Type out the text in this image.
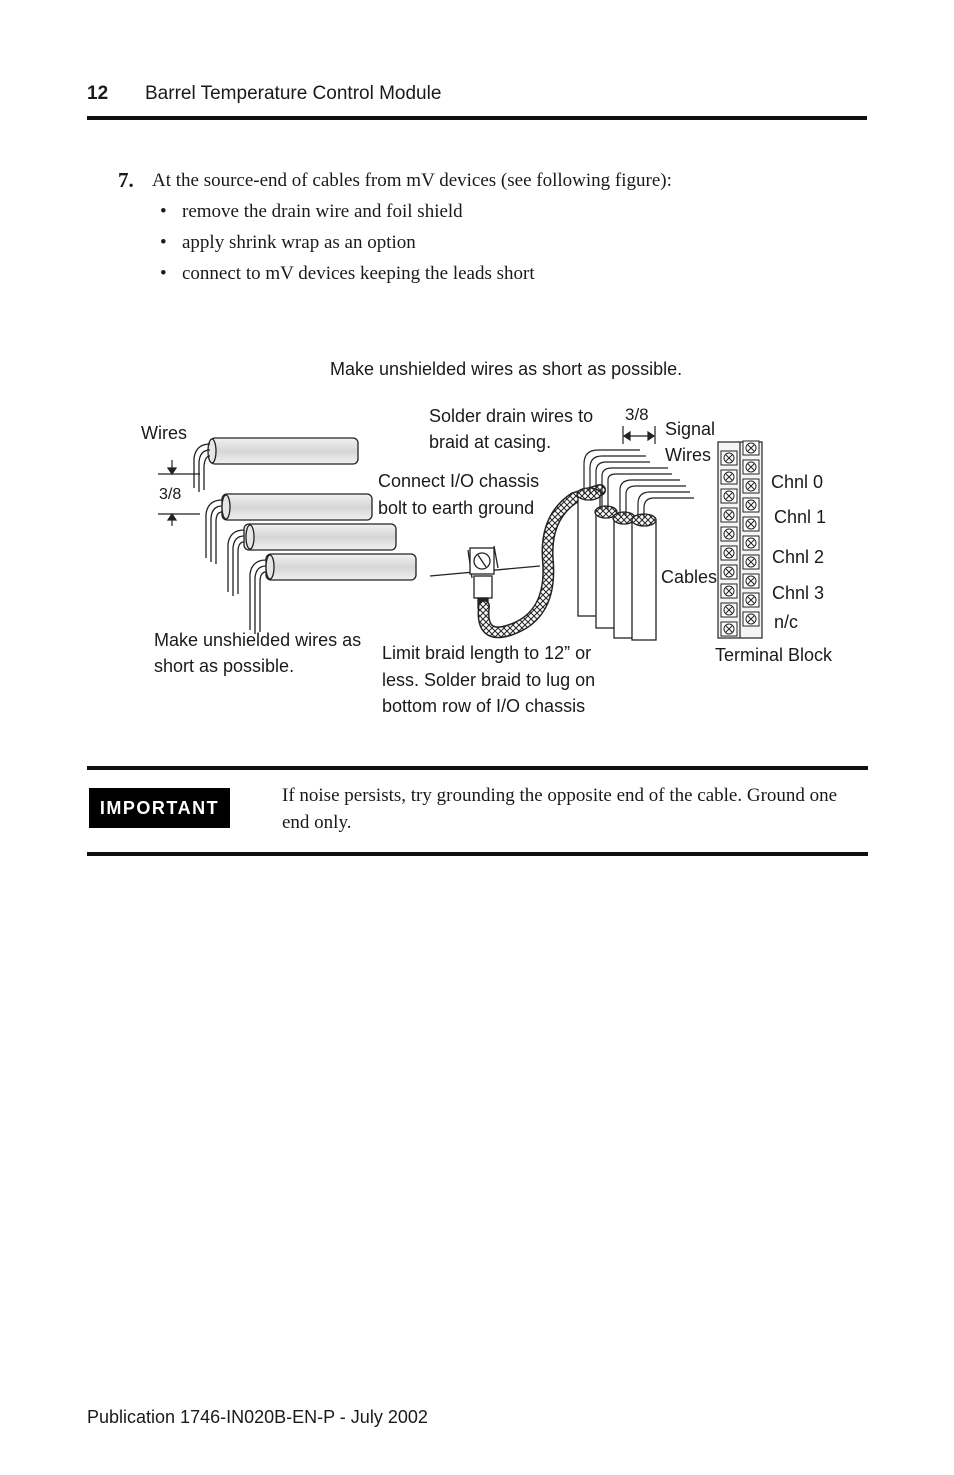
12 Barrel Temperature Control Module
7. At the source-end of cables from mV devices (see following figure):
• remove the drain wire and foil shield
• apply shrink wrap as an option
• connect to mV devices keeping the leads short
Make unshielded wires as short as possible.
Wires
3/8
Solder drain wires to
braid at casing.
3/8
Signal
Wires
Connect I/O chassis
bolt to earth ground
Cables
Chnl 0
Chnl 1
Chnl 2
Chnl 3
n/c
Terminal Block
Make unshielded wires as
short as possible.
Limit braid length to 12” or
less. Solder braid to lug on
bottom row of I/O chassis
IMPORTANT
If noise persists, try grounding the opposite end of the cable. Ground one end only.
Publication 1746-IN020B-EN-P - July 2002
